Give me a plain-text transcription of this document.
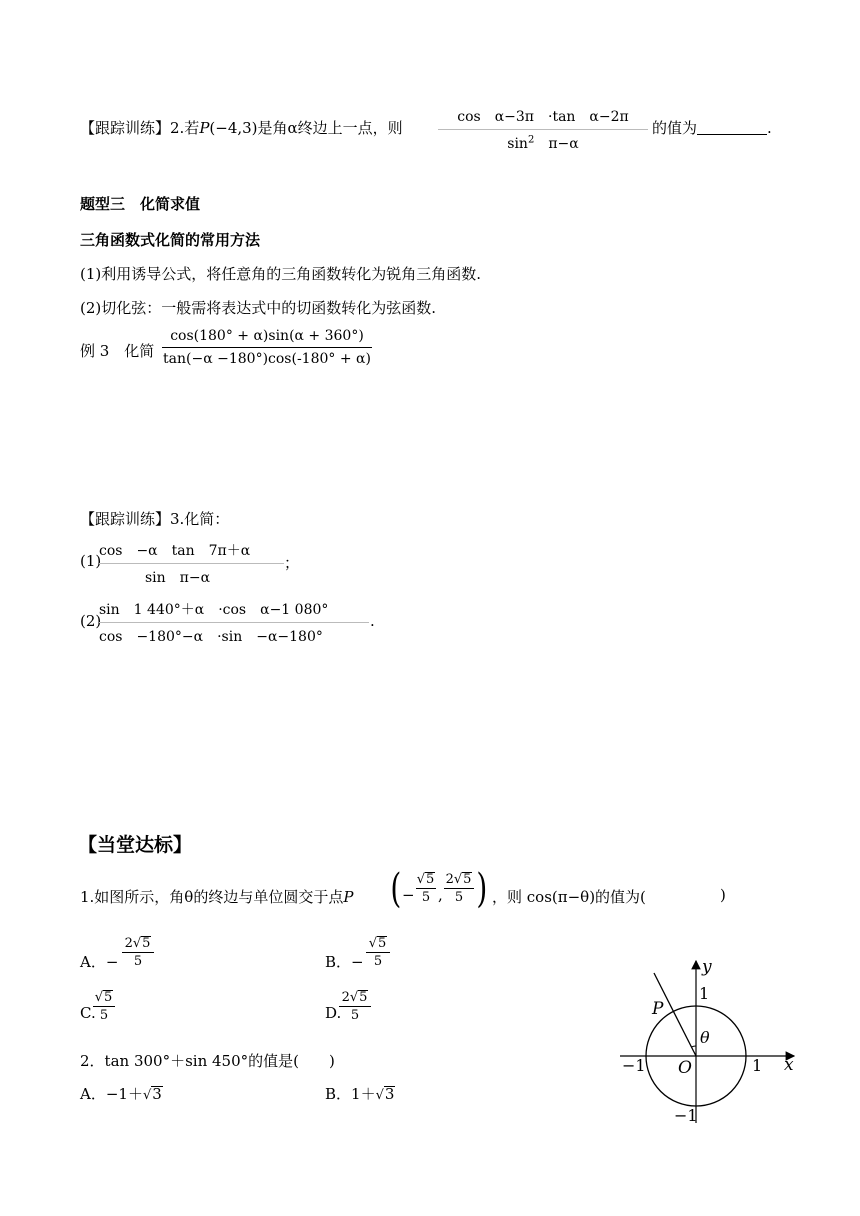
【跟踪训练】2.若P(−4,3)是角α终边上一点，则
cos　α−3π　·tan　α−2π
$\sin^2$　π−α
的值为	.
题型三　化简求值
三角函数式化简的常用方法
(1)利用诱导公式，将任意角的三角函数转化为锐角三角函数.
(2)切化弦：一般需将表达式中的切函数转化为弦函数.
例 3　化简
cos(180° + α)sin(α + 360°)
tan(−α −180°)cos(-180° + α)
【跟踪训练】3.化简：
(1)
cos　−α　tan　7π＋α
sin　π−α
；
(2)
sin　1 440°＋α　·cos　α−1 080°
cos　−180°−α　·sin　−α−180°
.
【当堂达标】
1.如图所示，角θ的终边与单位圆交于点P ( −
√5
5 ,
2√5
5 ) ，则 cos(π−θ)的值为(	)
A．−
2√5
5	B．−
√5
5
C.
√5
5	D.
2√5
5
2．tan 300°＋sin 450°的值是(　　)
A．−1＋√3	B．1＋√3
y
x
1
1
−1
−1
O
P
θ
